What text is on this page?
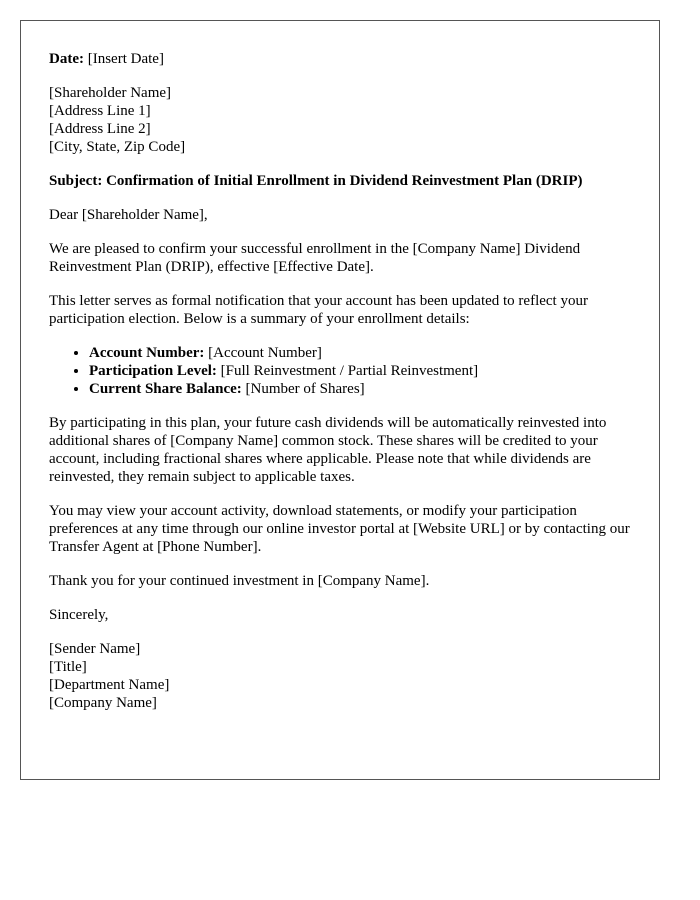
Date: [Insert Date]

[Shareholder Name]

[Address Line 1]

[Address Line 2]

[City, State, Zip Code]

Subject: Confirmation of Initial Enrollment in Dividend Reinvestment Plan (DRIP)

Dear [Shareholder Name],

We are pleased to confirm your successful enrollment in the [Company Name] Dividend Reinvestment Plan (DRIP), effective [Effective Date].

This letter serves as formal notification that your account has been updated to reflect your participation election. Below is a summary of your enrollment details:

• Account Number: [Account Number]
• Participation Level: [Full Reinvestment / Partial Reinvestment]
• Current Share Balance: [Number of Shares]

By participating in this plan, your future cash dividends will be automatically reinvested into additional shares of [Company Name] common stock. These shares will be credited to your account, including fractional shares where applicable. Please note that while dividends are reinvested, they remain subject to applicable taxes.

You may view your account activity, download statements, or modify your participation preferences at any time through our online investor portal at [Website URL] or by contacting our Transfer Agent at [Phone Number].

Thank you for your continued investment in [Company Name].

Sincerely,

[Sender Name]

[Title]

[Department Name]

[Company Name]
